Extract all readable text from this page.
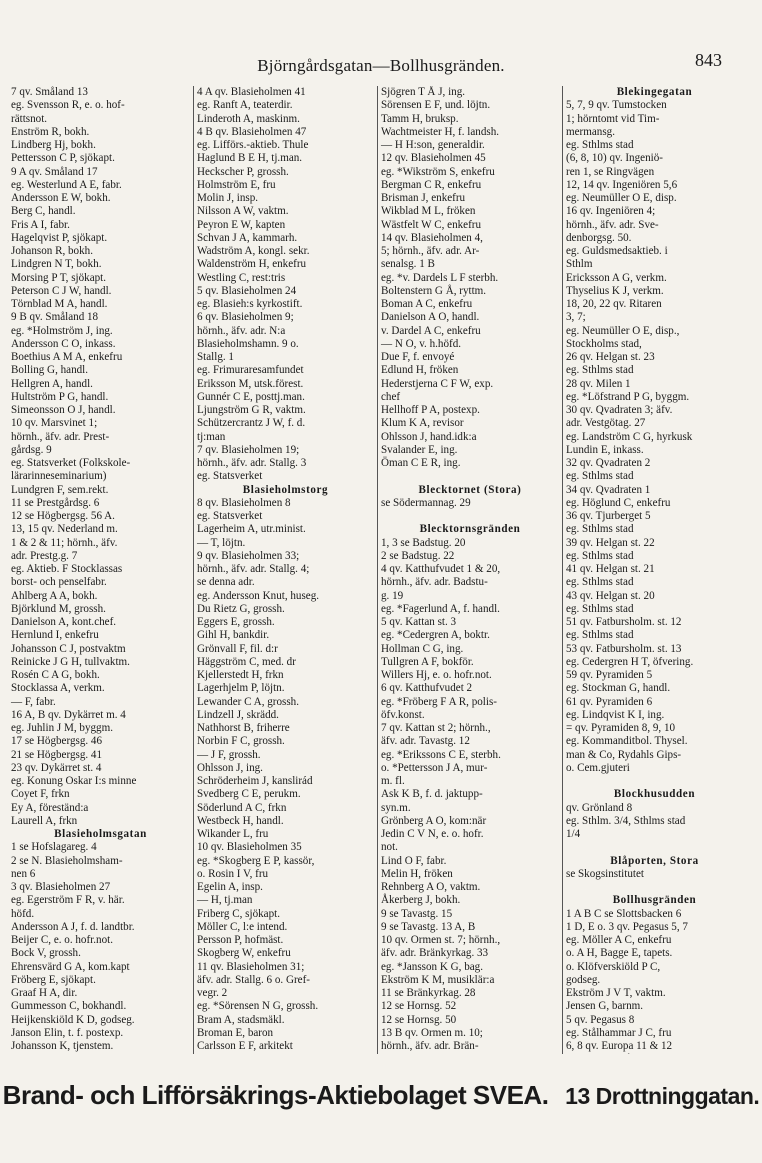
Björngårdsgatan—Bollhusgränden.	843
7 qv. Småland 13
eg. Svensson R, e. o. hof-
rättsnot.
Enström R, bokh.
Lindberg Hj, bokh.
Pettersson C P, sjökapt.
9 A qv. Småland 17
eg. Westerlund A E, fabr.
Andersson E W, bokh.
Berg C, handl.
Fris A I, fabr.
Hagelqvist P, sjökapt.
Johanson R, bokh.
Lindgren N T, bokh.
Morsing P T, sjökapt.
Peterson C J W, handl.
Törnblad M A, handl.
9 B qv. Småland 18
eg. *Holmström J, ing.
Andersson C O, inkass.
Boethius A M A, enkefru
Bolling G, handl.
Hellgren A, handl.
Hultström P G, handl.
Simeonsson O J, handl.
10 qv. Marsvinet 1;
hörnh., äfv. adr. Prest-
gårdsg. 9
eg. Statsverket (Folkskole-
lärarinneseminarium)
Lundgren F, sem.rekt.
11 se Prestgårdsg. 6
12 se Högbergsg. 56 A.
13, 15 qv. Nederland m.
1 & 2 & 11; hörnh., äfv.
adr. Prestg.g. 7
eg. Aktieb. F Stocklassas
borst- och penselfabr.
Ahlberg A A, bokh.
Björklund M, grossh.
Danielson A, kont.chef.
Hernlund I, enkefru
Johansson C J, postvaktm
Reinicke J G H, tullvaktm.
Rosén C A G, bokh.
Stocklassa A, verkm.
— F, fabr.
16 A, B qv. Dykärret m. 4
eg. Juhlin J M, byggm.
17 se Högbergsg. 46
21 se Högbergsg. 41
23 qv. Dykärret st. 4
eg. Konung Oskar I:s minne
Coyet F, frkn
Ey A, föreständ:a
Laurell A, frkn
Blasieholmsgatan
1 se Hofslagareg. 4
2 se N. Blasieholmsham-
nen 6
3 qv. Blasieholmen 27
eg. Egerström F R, v. här.
höfd.
Andersson A J, f. d. landtbr.
Beijer C, e. o. hofr.not.
Bock V, grossh.
Ehrensvärd G A, kom.kapt
Fröberg E, sjökapt.
Graaf H A, dir.
Gummesson C, bokhandl.
Heijkenskiöld K D, godseg.
Janson Elin, t. f. postexp.
Johansson K, tjenstem.
4 A qv. Blasieholmen 41
eg. Ranft A, teaterdir.
Linderoth A, maskinm.
4 B qv. Blasieholmen 47
eg. Lifförs.-aktieb. Thule
Haglund B E H, tj.man.
Heckscher P, grossh.
Holmström E, fru
Molin J, insp.
Nilsson A W, vaktm.
Peyron E W, kapten
Schvan J A, kammarh.
Wadström A, kongl. sekr.
Waldenström H, enkefru
Westling C, rest:tris
5 qv. Blasieholmen 24
eg. Blasieh:s kyrkostift.
6 qv. Blasieholmen 9;
hörnh., äfv. adr. N:a
Blasieholmshamn. 9 o.
Stallg. 1
eg. Frimuraresamfundet
Eriksson M, utsk.förest.
Gunnér C E, posttj.man.
Ljungström G R, vaktm.
Schützercrantz J W, f. d.
tj:man
7 qv. Blasieholmen 19;
hörnh., äfv. adr. Stallg. 3
eg. Statsverket
Blasieholmstorg
8 qv. Blasieholmen 8
eg. Statsverket
Lagerheim A, utr.minist.
— T, löjtn.
9 qv. Blasieholmen 33;
hörnh., äfv. adr. Stallg. 4;
se denna adr.
eg. Andersson Knut, huseg.
Du Rietz G, grossh.
Eggers E, grossh.
Gihl H, bankdir.
Grönvall F, fil. d:r
Häggström C, med. dr
Kjellerstedt H, frkn
Lagerhjelm P, löjtn.
Lewander C A, grossh.
Lindzell J, skrädd.
Nathhorst B, friherre
Norbin F C, grossh.
— J F, grossh.
Ohlsson J, ing.
Schröderheim J, kanslirád
Svedberg C E, perukm.
Söderlund A C, frkn
Westbeck H, handl.
Wikander L, fru
10 qv. Blasieholmen 35
eg. *Skogberg E P, kassör,
o. Rosin I V, fru
Egelin A, insp.
— H, tj.man
Friberg C, sjökapt.
Möller C, l:e intend.
Persson P, hofmäst.
Skogberg W, enkefru
11 qv. Blasieholmen 31;
äfv. adr. Stallg. 6 o. Gref-
vegr. 2
eg. *Sörensen N G, grossh.
Bram A, stadsmäkl.
Broman E, baron
Carlsson E F, arkitekt
Sjögren T Å J, ing.
Sörensen E F, und. löjtn.
Tamm H, bruksp.
Wachtmeister H, f. landsh.
— H H:son, generaldir.
12 qv. Blasieholmen 45
eg. *Wikström S, enkefru
Bergman C R, enkefru
Brisman J, enkefru
Wikblad M L, fröken
Wästfelt W C, enkefru
14 qv. Blasieholmen 4,
5; hörnh., äfv. adr. Ar-
senalsg. 1 B
eg. *v. Dardels L F sterbh.
Boltenstern G Å, ryttm.
Boman A C, enkefru
Danielson A O, handl.
v. Dardel A C, enkefru
— N O, v. h.höfd.
Due F, f. envoyé
Edlund H, fröken
Hederstjerna C F W, exp.
chef
Hellhoff P A, postexp.
Klum K A, revisor
Ohlsson J, hand.idk:a
Svalander E, ing.
Öman C E R, ing.

Blecktornet (Stora)
se Södermannag. 29

Blecktornsgränden
1, 3 se Badstug. 20
2 se Badstug. 22
4 qv. Katthufvudet 1 & 20,
hörnh., äfv. adr. Badstu-
g. 19
eg. *Fagerlund A, f. handl.
5 qv. Kattan st. 3
eg. *Cedergren A, boktr.
Hollman C G, ing.
Tullgren A F, bokför.
Willers Hj, e. o. hofr.not.
6 qv. Katthufvudet 2
eg. *Fröberg F A R, polis-
öfv.konst.
7 qv. Kattan st 2; hörnh.,
äfv. adr. Tavastg. 12
eg. *Erikssons C E, sterbh.
o. *Pettersson J A, mur-
m. fl.
Ask K B, f. d. jaktupp-
syn.m.
Grönberg A O, kom:när
Jedin C V N, e. o. hofr.
not.
Lind O F, fabr.
Melin H, fröken
Rehnberg A O, vaktm.
Åkerberg J, bokh.
9 se Tavastg. 15
9 se Tavastg. 13 A, B
10 qv. Ormen st. 7; hörnh.,
äfv. adr. Bränkyrkag. 33
eg. *Jansson K G, bag.
Ekström K M, musiklär:a
11 se Bränkyrkag. 28
12 se Hornsg. 52
12 se Hornsg. 50
13 B qv. Ormen m. 10;
hörnh., äfv. adr. Brän-
Blekingegatan
5, 7, 9 qv. Tumstocken
1; hörntomt vid Tim-
mermansg.
eg. Sthlms stad
(6, 8, 10) qv. Ingeniö-
ren 1, se Ringvägen
12, 14 qv. Ingeniören 5,6
eg. Neumüller O E, disp.
16 qv. Ingeniören 4;
hörnh., äfv. adr. Sve-
denborgsg. 50.
eg. Guldsmedsaktieb. i
Sthlm
Ericksson A G, verkm.
Thyselius K J, verkm.
18, 20, 22 qv. Ritaren
3, 7;
eg. Neumüller O E, disp.,
Stockholms stad,
26 qv. Helgan st. 23
eg. Sthlms stad
28 qv. Milen 1
eg. *Löfstrand P G, byggm.
30 qv. Qvadraten 3; äfv.
adr. Vestgötag. 27
eg. Landström C G, hyrkusk
Lundin E, inkass.
32 qv. Qvadraten 2
eg. Sthlms stad
34 qv. Qvadraten 1
eg. Höglund C, enkefru
36 qv. Tjurberget 5
eg. Sthlms stad
39 qv. Helgan st. 22
eg. Sthlms stad
41 qv. Helgan st. 21
eg. Sthlms stad
43 qv. Helgan st. 20
eg. Sthlms stad
51 qv. Fatbursholm. st. 12
eg. Sthlms stad
53 qv. Fatbursholm. st. 13
eg. Cedergren H T, öfvering.
59 qv. Pyramiden 5
eg. Stockman G, handl.
61 qv. Pyramiden 6
eg. Lindqvist K I, ing.
= qv. Pyramiden 8, 9, 10
eg. Kommanditbol. Thysel.
man & Co, Rydahls Gips-
o. Cem.gjuteri

Blockhusudden
qv. Grönland 8
eg. Sthlm. 3/4, Sthlms stad
1/4

Blåporten, Stora
se Skogsinstitutet

Bollhusgränden
1 A B C se Slottsbacken 6
1 D, E o. 3 qv. Pegasus 5, 7
eg. Möller A C, enkefru
o. A H, Bagge E, tapets.
o. Klöfverskiöld P C,
godseg.
Ekström J V T, vaktm.
Jensen G, barnm.
5 qv. Pegasus 8
eg. Stålhammar J C, fru
6, 8 qv. Europa 11 & 12
Brand- och Lifförsäkrings-Aktiebolaget SVEA. 13 Drottninggatan.
